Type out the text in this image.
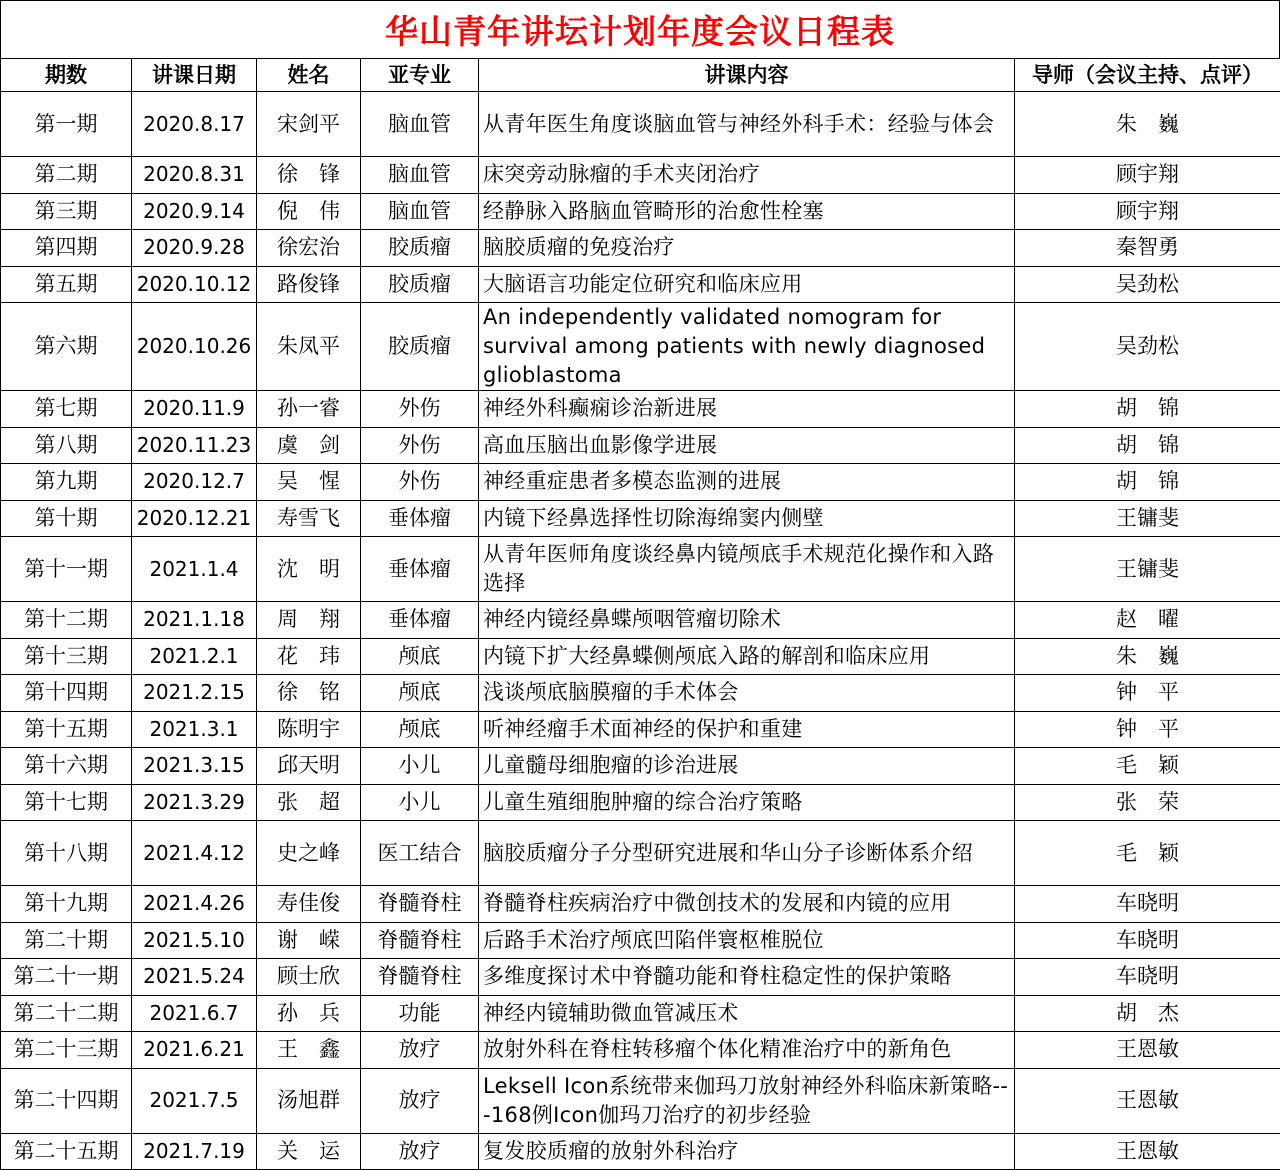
华山青年讲坛计划年度会议日程表
期数	讲课日期	姓名	亚专业	讲课内容	导师（会议主持、点评）
第一期	2020.8.17	宋剑平	脑血管	从青年医生角度谈脑血管与神经外科手术：经验与体会	朱　巍
第二期	2020.8.31	徐　锋	脑血管	床突旁动脉瘤的手术夹闭治疗	顾宇翔
第三期	2020.9.14	倪　伟	脑血管	经静脉入路脑血管畸形的治愈性栓塞	顾宇翔
第四期	2020.9.28	徐宏治	胶质瘤	脑胶质瘤的免疫治疗	秦智勇
第五期	2020.10.12	路俊锋	胶质瘤	大脑语言功能定位研究和临床应用	吴劲松
第六期	2020.10.26	朱凤平	胶质瘤	An independently validated nomogram for survival among patients with newly diagnosed glioblastoma	吴劲松
第七期	2020.11.9	孙一睿	外伤	神经外科癫痫诊治新进展	胡　锦
第八期	2020.11.23	虞　剑	外伤	高血压脑出血影像学进展	胡　锦
第九期	2020.12.7	吴　惺	外伤	神经重症患者多模态监测的进展	胡　锦
第十期	2020.12.21	寿雪飞	垂体瘤	内镜下经鼻选择性切除海绵窦内侧壁	王镛斐
第十一期	2021.1.4	沈　明	垂体瘤	从青年医师角度谈经鼻内镜颅底手术规范化操作和入路选择	王镛斐
第十二期	2021.1.18	周　翔	垂体瘤	神经内镜经鼻蝶颅咽管瘤切除术	赵　曜
第十三期	2021.2.1	花　玮	颅底	内镜下扩大经鼻蝶侧颅底入路的解剖和临床应用	朱　巍
第十四期	2021.2.15	徐　铭	颅底	浅谈颅底脑膜瘤的手术体会	钟　平
第十五期	2021.3.1	陈明宇	颅底	听神经瘤手术面神经的保护和重建	钟　平
第十六期	2021.3.15	邱天明	小儿	儿童髓母细胞瘤的诊治进展	毛　颖
第十七期	2021.3.29	张　超	小儿	儿童生殖细胞肿瘤的综合治疗策略	张　荣
第十八期	2021.4.12	史之峰	医工结合	脑胶质瘤分子分型研究进展和华山分子诊断体系介绍	毛　颖
第十九期	2021.4.26	寿佳俊	脊髓脊柱	脊髓脊柱疾病治疗中微创技术的发展和内镜的应用	车晓明
第二十期	2021.5.10	谢　嵘	脊髓脊柱	后路手术治疗颅底凹陷伴寰枢椎脱位	车晓明
第二十一期	2021.5.24	顾士欣	脊髓脊柱	多维度探讨术中脊髓功能和脊柱稳定性的保护策略	车晓明
第二十二期	2021.6.7	孙　兵	功能	神经内镜辅助微血管减压术	胡　杰
第二十三期	2021.6.21	王　鑫	放疗	放射外科在脊柱转移瘤个体化精准治疗中的新角色	王恩敏
第二十四期	2021.7.5	汤旭群	放疗	Leksell Icon系统带来伽玛刀放射神经外科临床新策略---168例Icon伽玛刀治疗的初步经验	王恩敏
第二十五期	2021.7.19	关　运	放疗	复发胶质瘤的放射外科治疗	王恩敏
